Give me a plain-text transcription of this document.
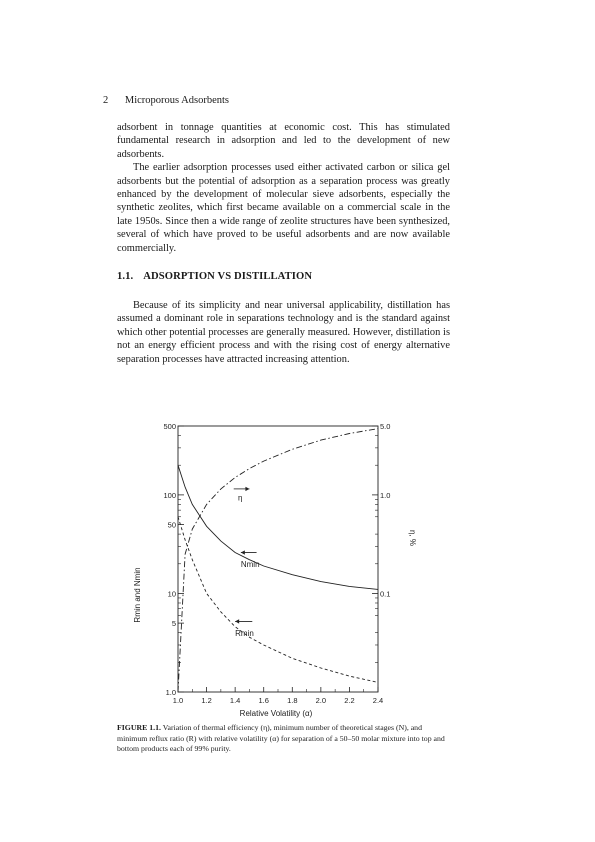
2 Microporous Adsorbents

adsorbent in tonnage quantities at economic cost. This has stimulated fundamental research in adsorption and led to the development of new adsorbents.

The earlier adsorption processes used either activated carbon or silica gel adsorbents but the potential of adsorption as a separation process was greatly enhanced by the development of molecular sieve adsorbents, especially the synthetic zeolites, which first became available on a commercial scale in the late 1950s. Since then a wide range of zeolite structures have been synthesized, several of which have proved to be useful adsorbents and are now available commercially.

1.1. ADSORPTION VS DISTILLATION

Because of its simplicity and near universal applicability, distillation has assumed a dominant role in separations technology and is the standard against which other potential processes are generally measured. However, distillation is not an energy efficient process and with the rising cost of energy alternative separation processes have attracted increasing attention.

1.0 1.2 1.4 1.6 1.8 2.0 2.2 2.4
500
100
50
10
5
1.0
5.0
1.0
0.1
η
Nmin
Rmin
Relative Volatility (α)
Rmin and Nmin
η, %
FIGURE 1.1. Variation of thermal efficiency (η), minimum number of theoretical stages (N), and minimum reflux ratio (R) with relative volatility (α) for separation of a 50–50 molar mixture into top and bottom products each of 99% purity.
